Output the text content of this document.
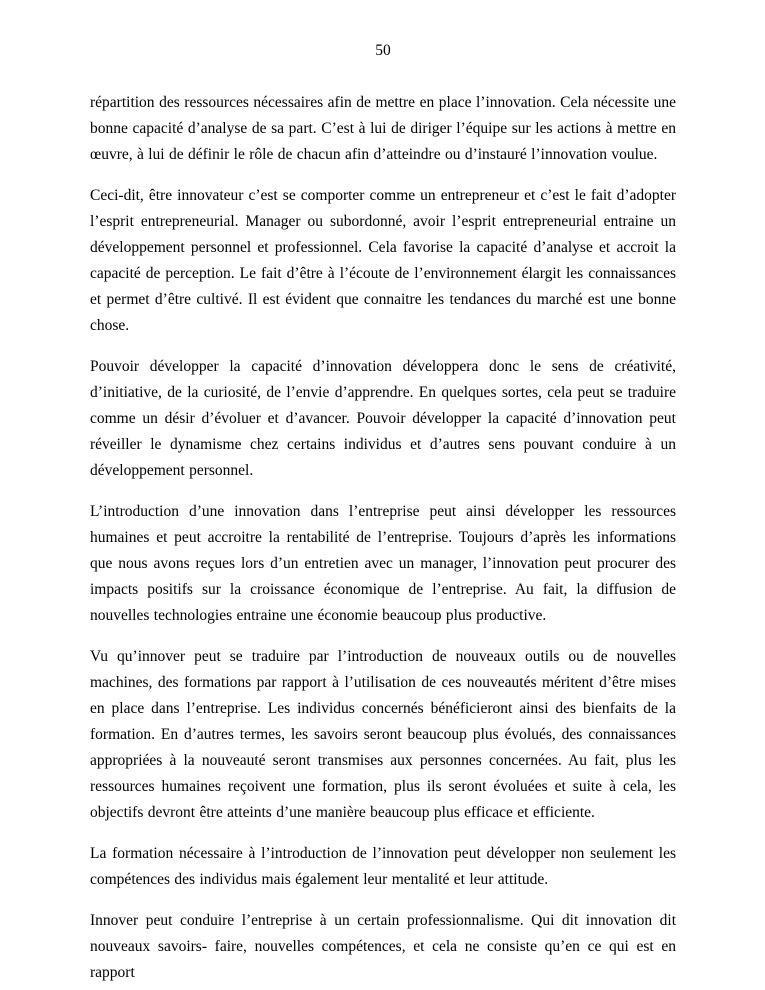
50

répartition des ressources nécessaires afin de mettre en place l’innovation. Cela nécessite une bonne capacité d’analyse de sa part. C’est à lui de diriger l’équipe sur les actions à mettre en œuvre, à lui de définir le rôle de chacun afin d’atteindre ou d’instauré l’innovation voulue.

Ceci-dit, être innovateur c’est se comporter comme un entrepreneur et c’est le fait d’adopter l’esprit entrepreneurial. Manager ou subordonné, avoir l’esprit entrepreneurial entraine un développement personnel et professionnel. Cela favorise la capacité d’analyse et accroit la capacité de perception. Le fait d’être à l’écoute de l’environnement élargit les connaissances et permet d’être cultivé. Il est évident que connaitre les tendances du marché est une bonne chose.

Pouvoir développer la capacité d’innovation développera donc le sens de créativité, d’initiative, de la curiosité, de l’envie d’apprendre. En quelques sortes, cela peut se traduire comme un désir d’évoluer et d’avancer. Pouvoir développer la capacité d’innovation peut réveiller le dynamisme chez certains individus et d’autres sens pouvant conduire à un développement personnel.

L’introduction d’une innovation dans l’entreprise peut ainsi développer les ressources humaines et peut accroitre la rentabilité de l’entreprise. Toujours d’après les informations que nous avons reçues lors d’un entretien avec un manager, l’innovation peut procurer des impacts positifs sur la croissance économique de l’entreprise. Au fait, la diffusion de nouvelles technologies entraine une économie beaucoup plus productive.

Vu qu’innover peut se traduire par l’introduction de nouveaux outils ou de nouvelles machines, des formations par rapport à l’utilisation de ces nouveautés méritent d’être mises en place dans l’entreprise. Les individus concernés bénéficieront ainsi des bienfaits de la formation. En d’autres termes, les savoirs seront beaucoup plus évolués, des connaissances appropriées à la nouveauté seront transmises aux personnes concernées. Au fait, plus les ressources humaines reçoivent une formation, plus ils seront évoluées et suite à cela, les objectifs devront être atteints d’une manière beaucoup plus efficace et efficiente.

La formation nécessaire à l’introduction de l’innovation peut développer non seulement les compétences des individus mais également leur mentalité et leur attitude.

Innover peut conduire l’entreprise à un certain professionnalisme. Qui dit innovation dit nouveaux savoirs- faire, nouvelles compétences, et cela ne consiste qu’en ce qui est en rapport
